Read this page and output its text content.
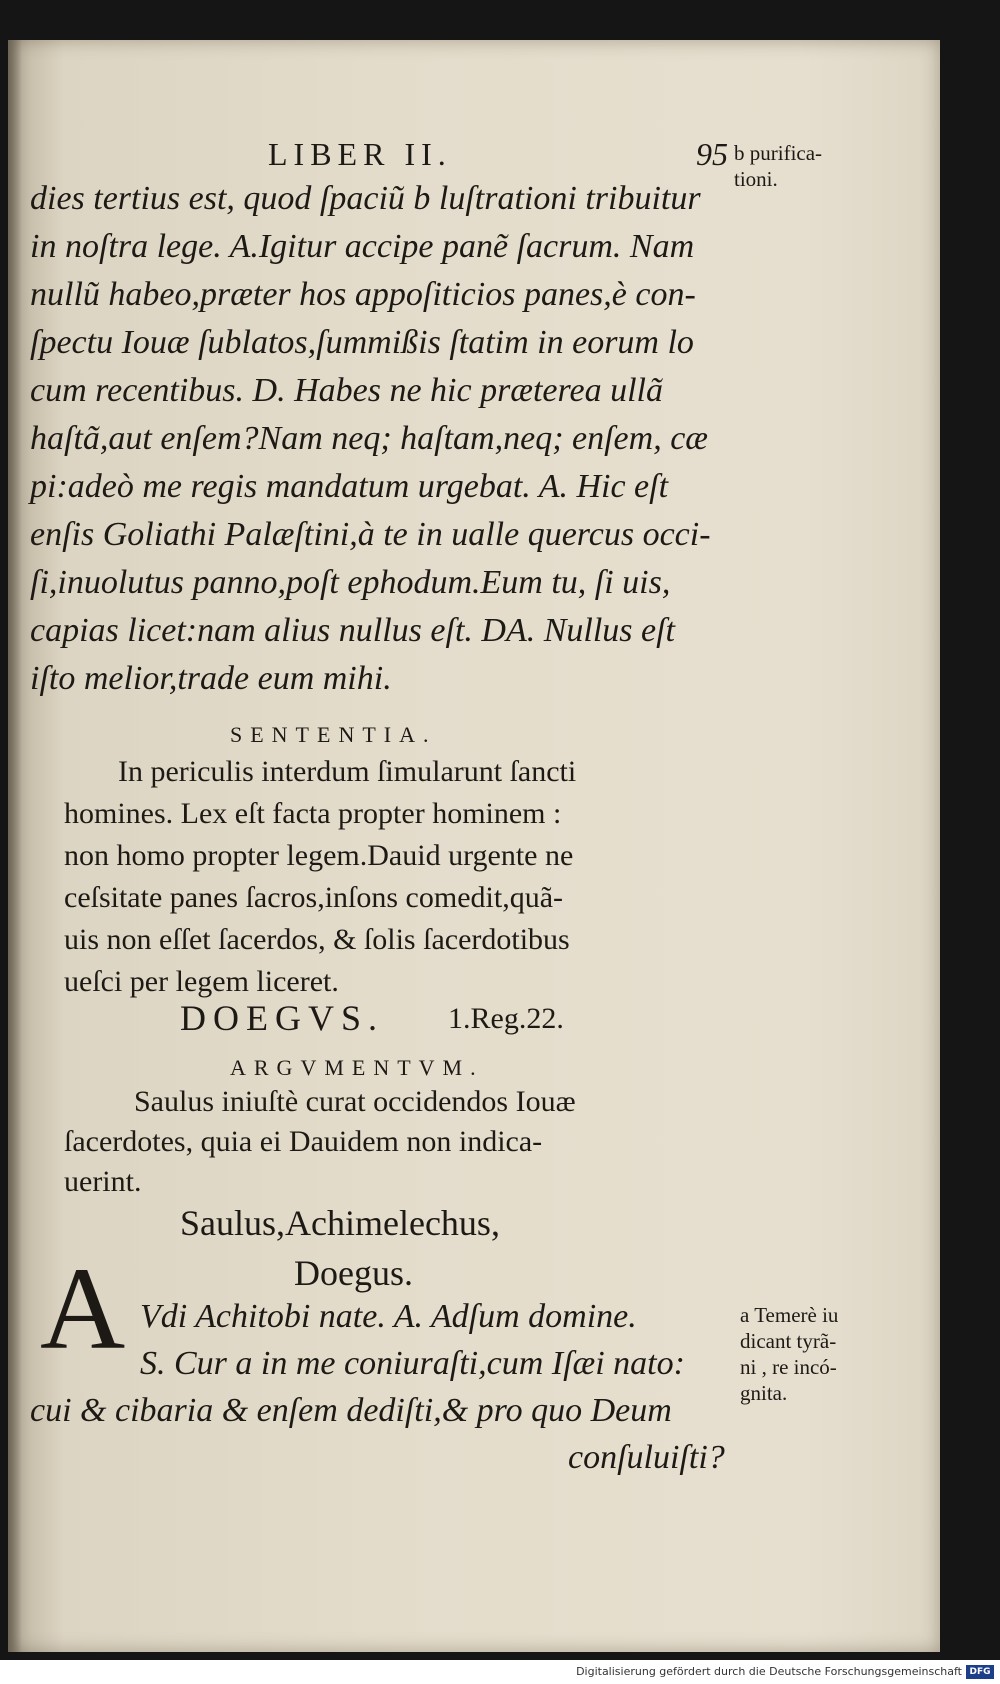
LIBER II.	95
dies tertius est, quod ſpaciũ b luſtrationi tribuitur
in noſtra lege. A.Igitur accipe panẽ ſacrum. Nam
nullũ habeo,præter hos appoſiticios panes,è con-
ſpectu Iouæ ſublatos,ſummißis ſtatim in eorum lo
cum recentibus. D. Habes ne hic præterea ullã
haſtã,aut enſem?Nam neq; haſtam,neq; enſem, cæ
pi:adeò me regis mandatum urgebat. A. Hic eſt
enſis Goliathi Palæſtini,à te in ualle quercus occi-
ſi,inuolutus panno,poſt ephodum.Eum tu, ſi uis,
capias licet:nam alius nullus eſt. DA. Nullus eſt
iſto melior,trade eum mihi.
SENTENTIA.
In periculis interdum ſimularunt ſancti
homines. Lex eſt facta propter hominem :
non homo propter legem.Dauid urgente ne
ceſsitate panes ſacros,inſons comedit,quã-
uis non eſſet ſacerdos, & ſolis ſacerdotibus
ueſci per legem liceret.
DOEGVS. 1.Reg.22.
ARGVMENTVM.
Saulus iniuſtè curat occidendos Iouæ
ſacerdotes, quia ei Dauidem non indica-
uerint.
Saulus,Achimelechus,
Doegus.
A Vdi Achitobi nate. A. Adſum domine.
S. Cur a in me coniuraſti,cum Iſæi nato:
cui & cibaria & enſem dediſti,& pro quo Deum
conſuluiſti?
b purifica-
tioni.
a Temerè iu
dicant tyrã-
ni , re incó-
gnita.
Digitalisierung gefördert durch die Deutsche Forschungsgemeinschaft DFG
